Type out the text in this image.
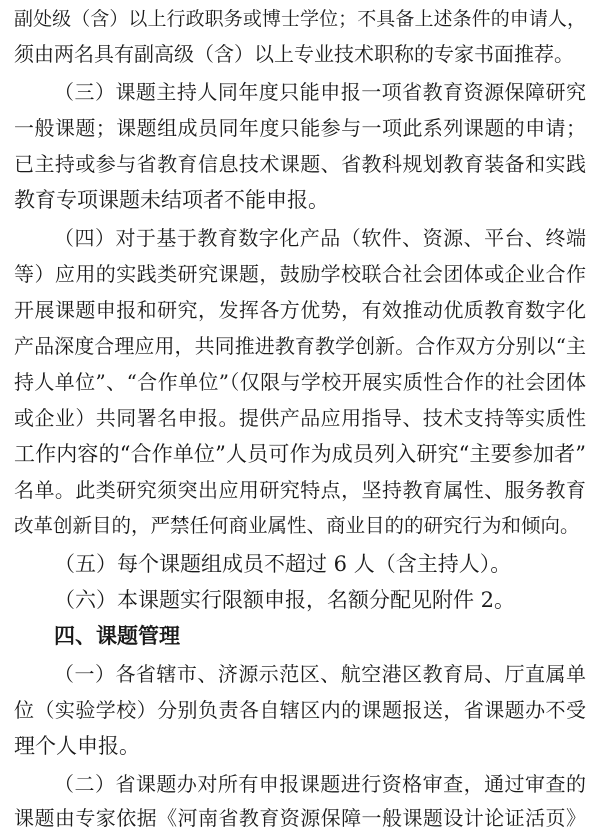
副处级（含）以上行政职务或博士学位；不具备上述条件的申请人，
须由两名具有副高级（含）以上专业技术职称的专家书面推荐。
（三）课题主持人同年度只能申报一项省教育资源保障研究
一般课题；课题组成员同年度只能参与一项此系列课题的申请；
已主持或参与省教育信息技术课题、省教科规划教育装备和实践
教育专项课题未结项者不能申报。
（四）对于基于教育数字化产品（软件、资源、平台、终端
等）应用的实践类研究课题，鼓励学校联合社会团体或企业合作
开展课题申报和研究，发挥各方优势，有效推动优质教育数字化
产品深度合理应用，共同推进教育教学创新。合作双方分别以“主
持人单位”、“合作单位”（仅限与学校开展实质性合作的社会团体
或企业）共同署名申报。提供产品应用指导、技术支持等实质性
工作内容的“合作单位”人员可作为成员列入研究“主要参加者”
名单。此类研究须突出应用研究特点，坚持教育属性、服务教育
改革创新目的，严禁任何商业属性、商业目的的研究行为和倾向。
（五）每个课题组成员不超过 6 人（含主持人）。
（六）本课题实行限额申报，名额分配见附件 2。
四、课题管理
（一）各省辖市、济源示范区、航空港区教育局、厅直属单
位（实验学校）分别负责各自辖区内的课题报送，省课题办不受
理个人申报。
（二）省课题办对所有申报课题进行资格审查，通过审查的
课题由专家依据《河南省教育资源保障一般课题设计论证活页》
